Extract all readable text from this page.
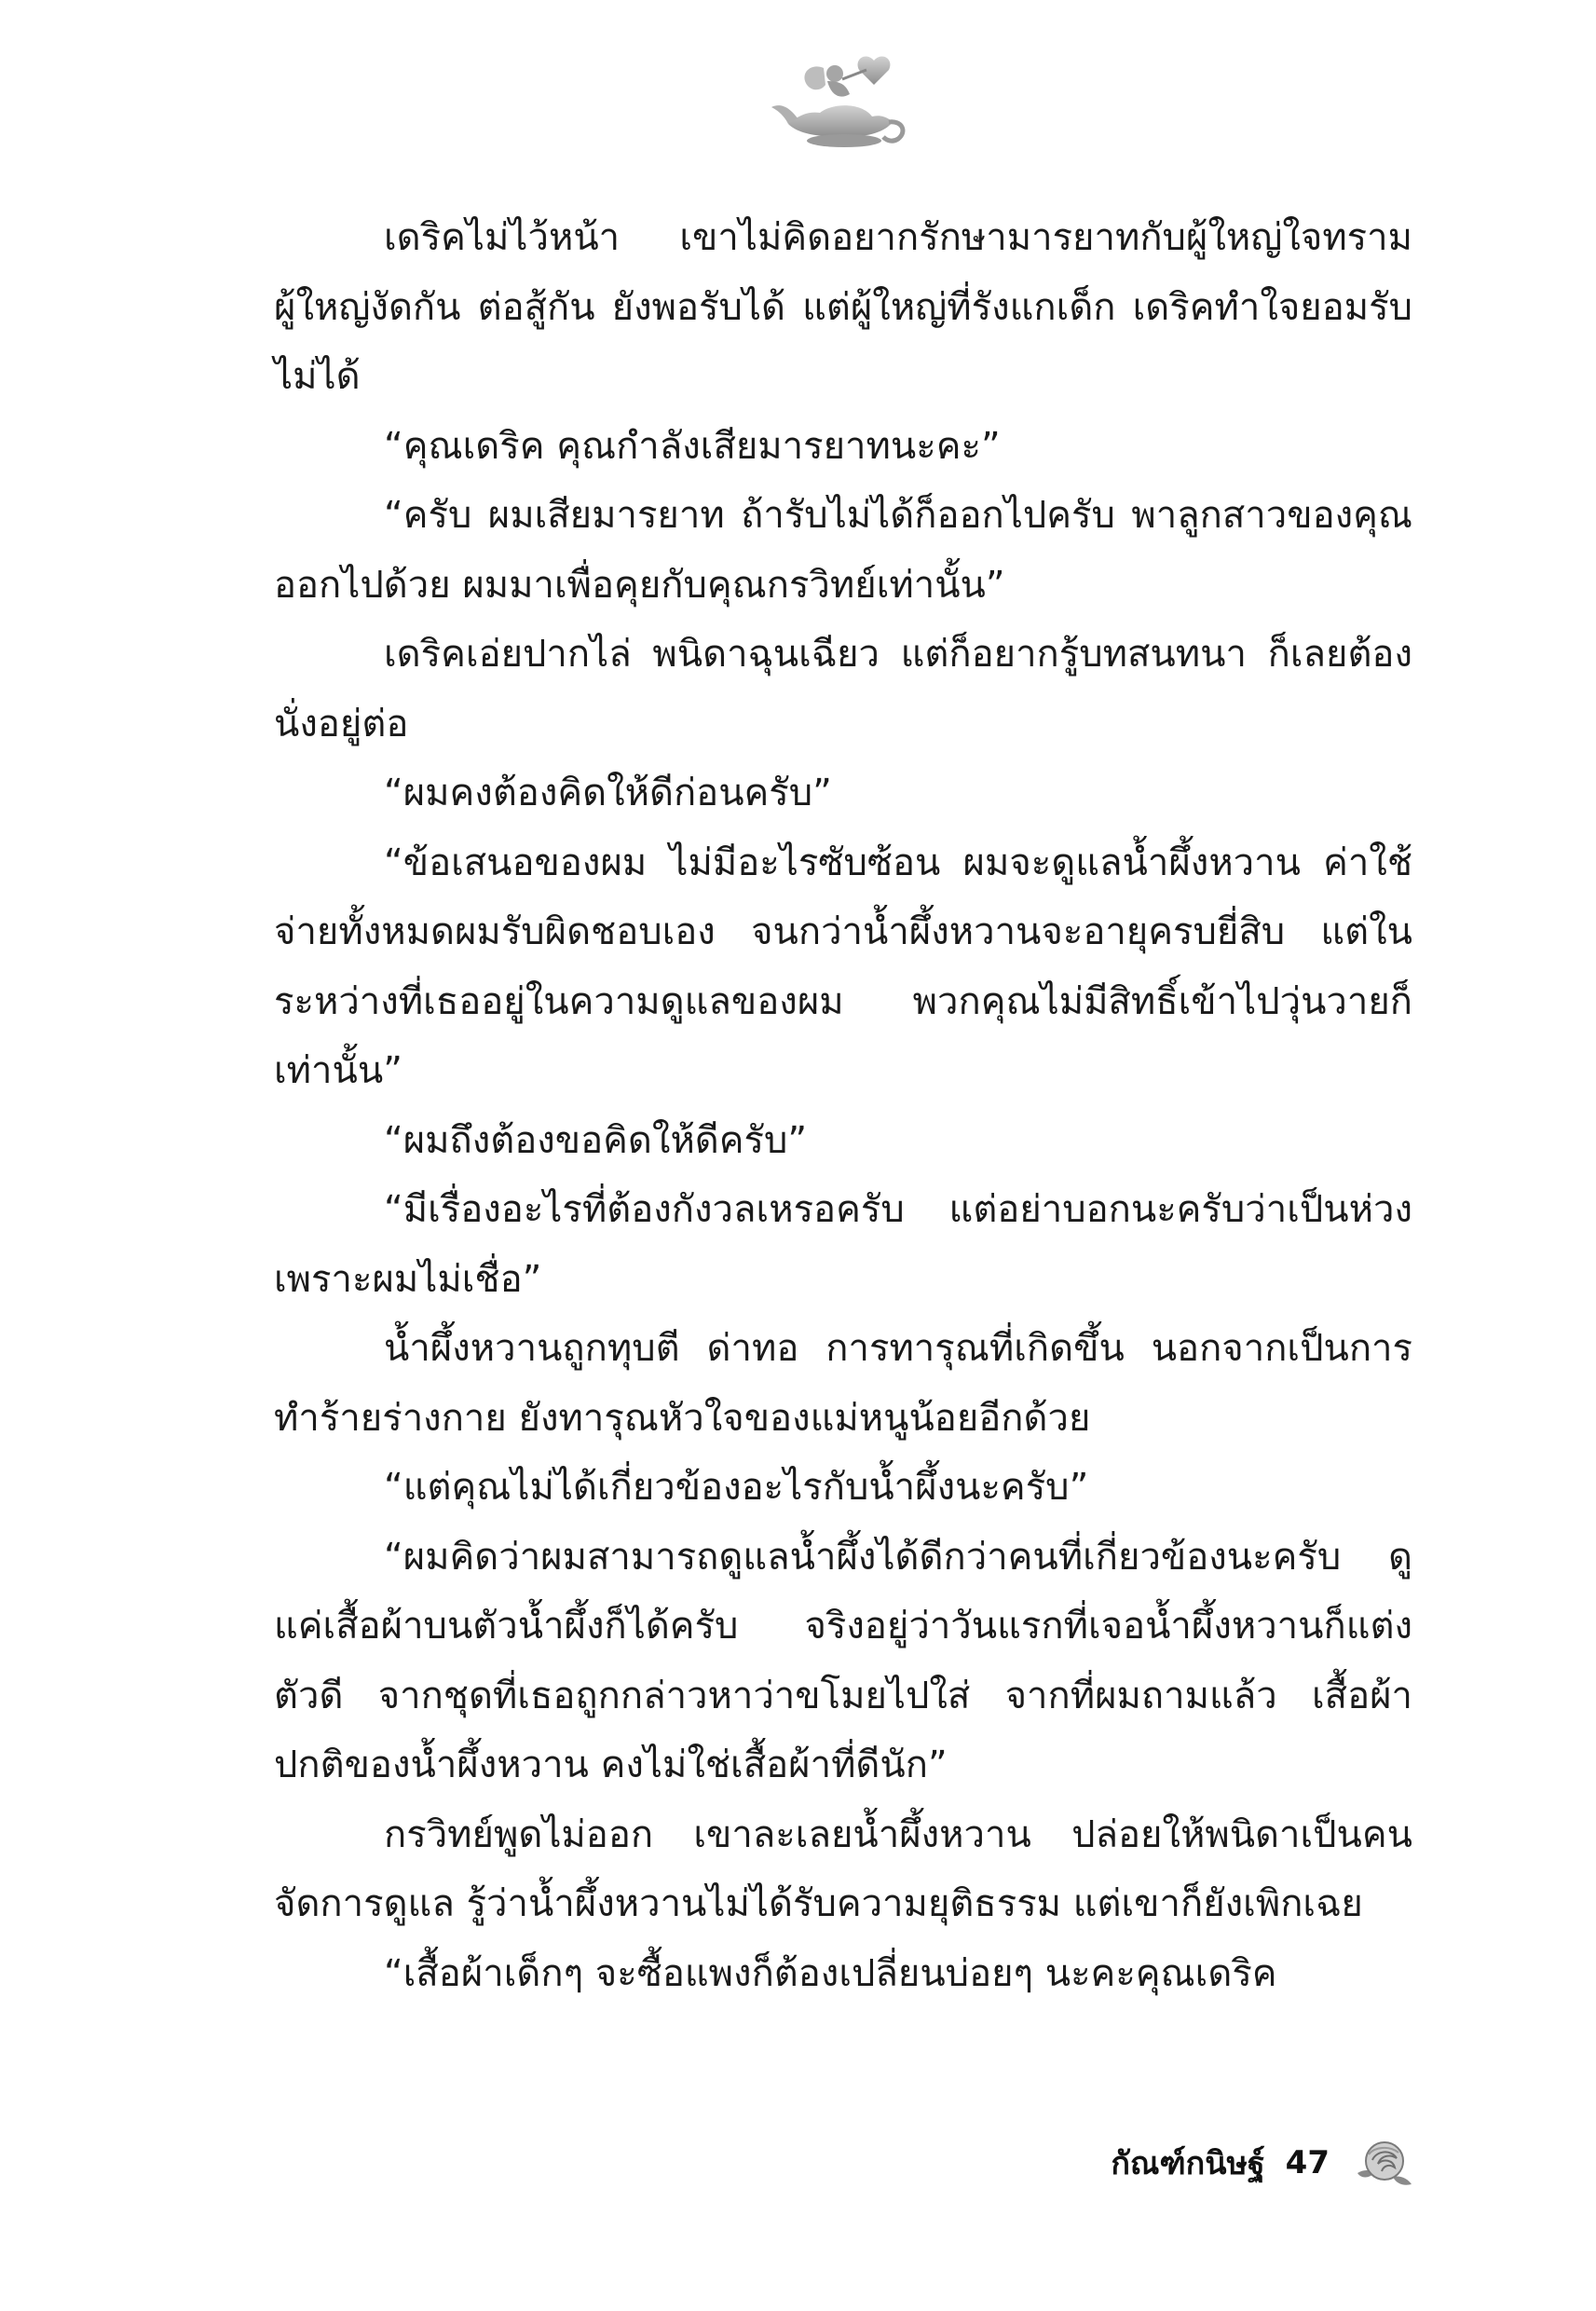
เดริคไม่ไว้หน้า เขาไม่คิดอยากรักษามารยาทกับผู้ใหญ่ใจทราม ผู้ใหญ่งัดกัน ต่อสู้กัน ยังพอรับได้ แต่ผู้ใหญ่ที่รังแกเด็ก เดริคทำใจยอมรับไม่ได้

“คุณเดริค คุณกำลังเสียมารยาทนะคะ”

“ครับ ผมเสียมารยาท ถ้ารับไม่ได้ก็ออกไปครับ พาลูกสาวของคุณออกไปด้วย ผมมาเพื่อคุยกับคุณกรวิทย์เท่านั้น”

เดริคเอ่ยปากไล่ พนิดาฉุนเฉียว แต่ก็อยากรู้บทสนทนา ก็เลยต้องนั่งอยู่ต่อ

“ผมคงต้องคิดให้ดีก่อนครับ”

“ข้อเสนอของผม ไม่มีอะไรซับซ้อน ผมจะดูแลน้ำผึ้งหวาน ค่าใช้จ่ายทั้งหมดผมรับผิดชอบเอง จนกว่าน้ำผึ้งหวานจะอายุครบยี่สิบ แต่ในระหว่างที่เธออยู่ในความดูแลของผม พวกคุณไม่มีสิทธิ์เข้าไปวุ่นวายก็เท่านั้น”

“ผมถึงต้องขอคิดให้ดีครับ”

“มีเรื่องอะไรที่ต้องกังวลเหรอครับ แต่อย่าบอกนะครับว่าเป็นห่วง เพราะผมไม่เชื่อ”

น้ำผึ้งหวานถูกทุบตี ด่าทอ การทารุณที่เกิดขึ้น นอกจากเป็นการทำร้ายร่างกาย ยังทารุณหัวใจของแม่หนูน้อยอีกด้วย

“แต่คุณไม่ได้เกี่ยวข้องอะไรกับน้ำผึ้งนะครับ”

“ผมคิดว่าผมสามารถดูแลน้ำผึ้งได้ดีกว่าคนที่เกี่ยวข้องนะครับ ดูแค่เสื้อผ้าบนตัวน้ำผึ้งก็ได้ครับ จริงอยู่ว่าวันแรกที่เจอน้ำผึ้งหวานก็แต่งตัวดี จากชุดที่เธอถูกกล่าวหาว่าขโมยไปใส่ จากที่ผมถามแล้ว เสื้อผ้าปกติของน้ำผึ้งหวาน คงไม่ใช่เสื้อผ้าที่ดีนัก”

กรวิทย์พูดไม่ออก เขาละเลยน้ำผึ้งหวาน ปล่อยให้พนิดาเป็นคนจัดการดูแล รู้ว่าน้ำผึ้งหวานไม่ได้รับความยุติธรรม แต่เขาก็ยังเพิกเฉย

“เสื้อผ้าเด็กๆ จะซื้อแพงก็ต้องเปลี่ยนบ่อยๆ นะคะคุณเดริค

กัณฑ์กนิษฐ์ 47
